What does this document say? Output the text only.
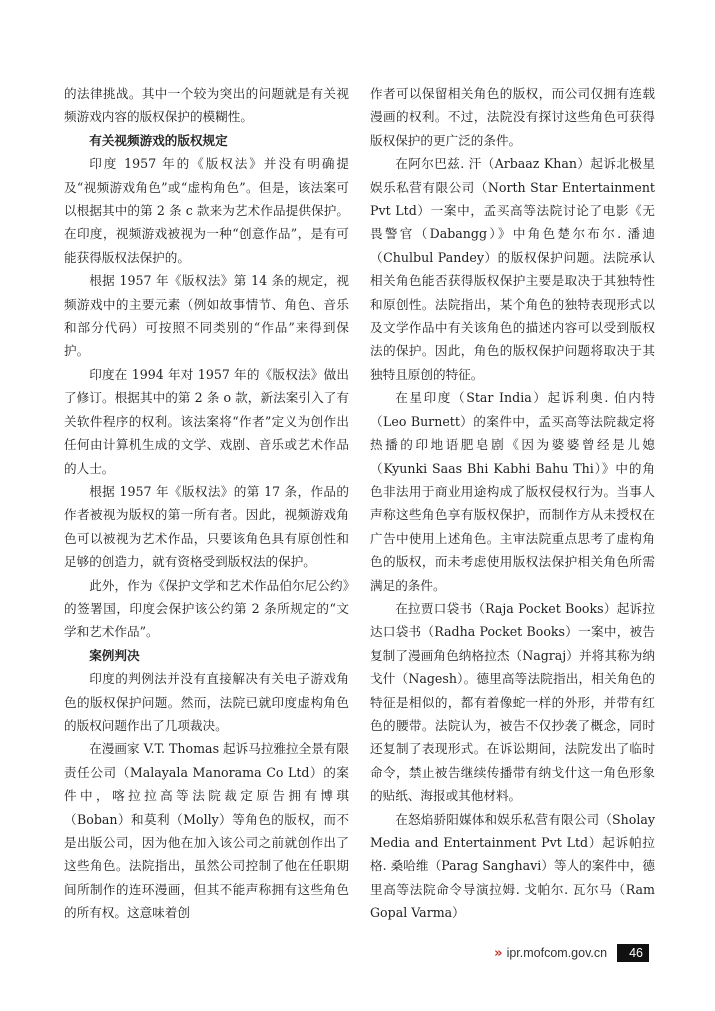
的法律挑战。其中一个较为突出的问题就是有关视频游戏内容的版权保护的模糊性。

有关视频游戏的版权规定

印度 1957 年的《版权法》并没有明确提及“视频游戏角色”或“虚构角色”。但是，该法案可以根据其中的第 2 条 c 款来为艺术作品提供保护。在印度，视频游戏被视为一种“创意作品”，是有可能获得版权法保护的。

根据 1957 年《版权法》第 14 条的规定，视频游戏中的主要元素（例如故事情节、角色、音乐和部分代码）可按照不同类别的“作品”来得到保护。

印度在 1994 年对 1957 年的《版权法》做出了修订。根据其中的第 2 条 o 款，新法案引入了有关软件程序的权利。该法案将“作者”定义为创作出任何由计算机生成的文学、戏剧、音乐或艺术作品的人士。

根据 1957 年《版权法》的第 17 条，作品的作者被视为版权的第一所有者。因此，视频游戏角色可以被视为艺术作品，只要该角色具有原创性和足够的创造力，就有资格受到版权法的保护。

此外，作为《保护文学和艺术作品伯尔尼公约》的签署国，印度会保护该公约第 2 条所规定的“文学和艺术作品”。

案例判决

印度的判例法并没有直接解决有关电子游戏角色的版权保护问题。然而，法院已就印度虚构角色的版权问题作出了几项裁决。

在漫画家 V.T. Thomas 起诉马拉雅拉全景有限责任公司（Malayala Manorama Co Ltd）的案件中，喀拉拉高等法院裁定原告拥有博琪（Boban）和莫利（Molly）等角色的版权，而不是出版公司，因为他在加入该公司之前就创作出了这些角色。法院指出，虽然公司控制了他在任职期间所制作的连环漫画，但其不能声称拥有这些角色的所有权。这意味着创

作者可以保留相关角色的版权，而公司仅拥有连载漫画的权利。不过，法院没有探讨这些角色可获得版权保护的更广泛的条件。

在阿尔巴兹. 汗（Arbaaz Khan）起诉北极星娱乐私营有限公司（North Star Entertainment Pvt Ltd）一案中，孟买高等法院讨论了电影《无畏警官（Dabangg）》中角色楚尔布尔. 潘迪（Chulbul Pandey）的版权保护问题。法院承认相关角色能否获得版权保护主要是取决于其独特性和原创性。法院指出，某个角色的独特表现形式以及文学作品中有关该角色的描述内容可以受到版权法的保护。因此，角色的版权保护问题将取决于其独特且原创的特征。

在星印度（Star India）起诉利奥. 伯内特（Leo Burnett）的案件中，孟买高等法院裁定将热播的印地语肥皂剧《因为婆婆曾经是儿媳（Kyunki Saas Bhi Kabhi Bahu Thi）》中的角色非法用于商业用途构成了版权侵权行为。当事人声称这些角色享有版权保护，而制作方从未授权在广告中使用上述角色。主审法院重点思考了虚构角色的版权，而未考虑使用版权法保护相关角色所需满足的条件。

在拉贾口袋书（Raja Pocket Books）起诉拉达口袋书（Radha Pocket Books）一案中，被告复制了漫画角色纳格拉杰（Nagraj）并将其称为纳戈什（Nagesh）。德里高等法院指出，相关角色的特征是相似的，都有着像蛇一样的外形，并带有红色的腰带。法院认为，被告不仅抄袭了概念，同时还复制了表现形式。在诉讼期间，法院发出了临时命令，禁止被告继续传播带有纳戈什这一角色形象的贴纸、海报或其他材料。

在怒焰骄阳媒体和娱乐私营有限公司（Sholay Media and Entertainment Pvt Ltd）起诉帕拉格. 桑哈维（Parag Sanghavi）等人的案件中，德里高等法院命令导演拉姆. 戈帕尔. 瓦尔马（Ram Gopal Varma）

» ipr.mofcom.gov.cn	46
